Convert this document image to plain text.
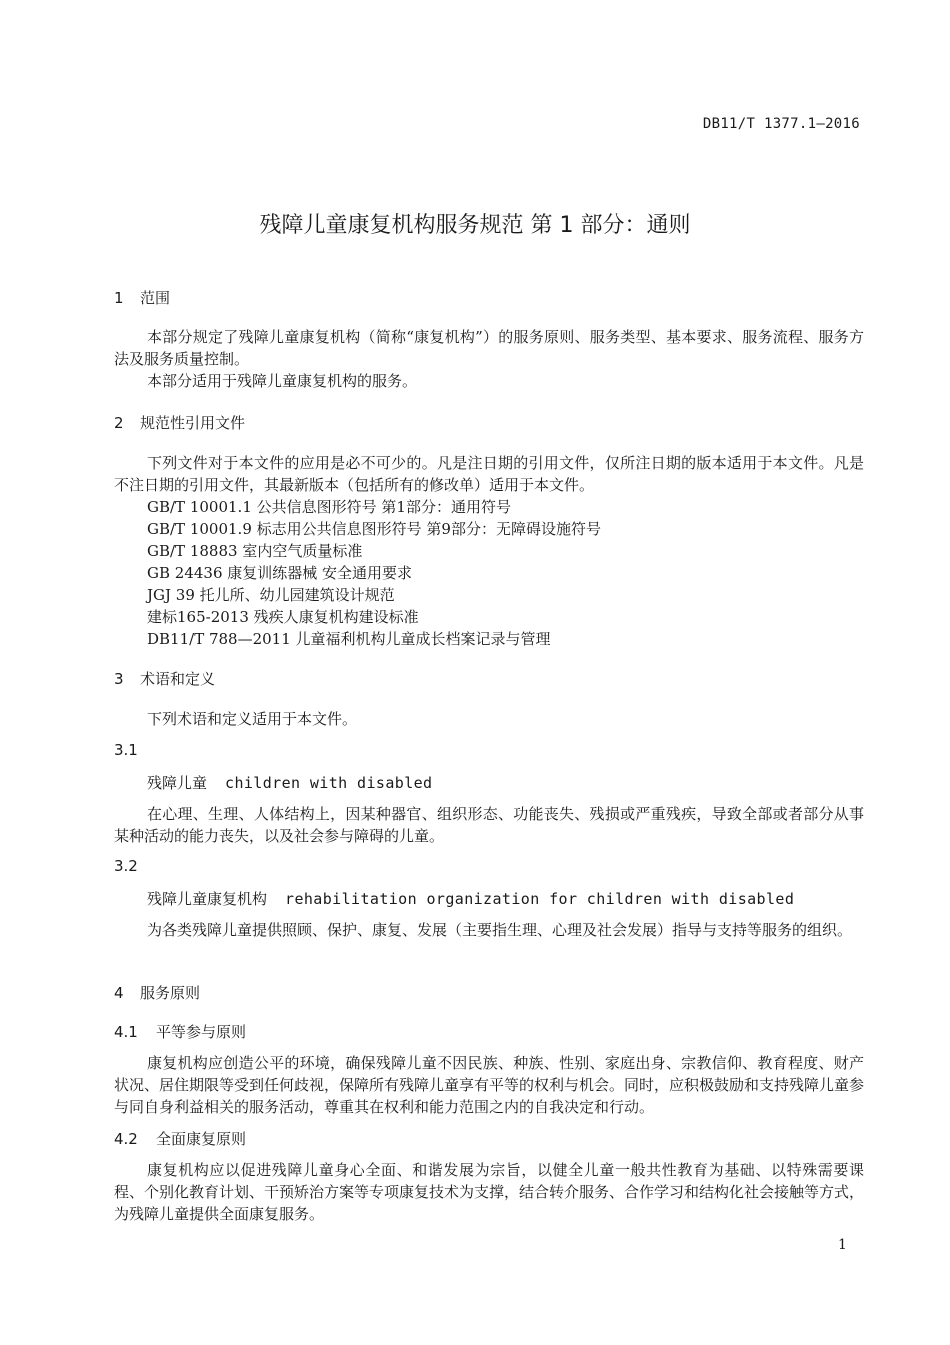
DB11/T 1377.1—2016
残障儿童康复机构服务规范 第 1 部分：通则
1 范围
本部分规定了残障儿童康复机构（简称“康复机构”）的服务原则、服务类型、基本要求、服务流程、服务方法及服务质量控制。
本部分适用于残障儿童康复机构的服务。
2 规范性引用文件
下列文件对于本文件的应用是必不可少的。凡是注日期的引用文件，仅所注日期的版本适用于本文件。凡是不注日期的引用文件，其最新版本（包括所有的修改单）适用于本文件。
GB/T 10001.1 公共信息图形符号 第1部分：通用符号
GB/T 10001.9 标志用公共信息图形符号 第9部分：无障碍设施符号
GB/T 18883 室内空气质量标准
GB 24436 康复训练器械 安全通用要求
JGJ 39 托儿所、幼儿园建筑设计规范
建标165-2013 残疾人康复机构建设标准
DB11/T 788—2011 儿童福利机构儿童成长档案记录与管理
3 术语和定义
下列术语和定义适用于本文件。
3.1
残障儿童 children with disabled
在心理、生理、人体结构上，因某种器官、组织形态、功能丧失、残损或严重残疾，导致全部或者部分从事某种活动的能力丧失，以及社会参与障碍的儿童。
3.2
残障儿童康复机构 rehabilitation organization for children with disabled
为各类残障儿童提供照顾、保护、康复、发展（主要指生理、心理及社会发展）指导与支持等服务的组织。
4 服务原则
4.1 平等参与原则
康复机构应创造公平的环境，确保残障儿童不因民族、种族、性别、家庭出身、宗教信仰、教育程度、财产状况、居住期限等受到任何歧视，保障所有残障儿童享有平等的权利与机会。同时，应积极鼓励和支持残障儿童参与同自身利益相关的服务活动，尊重其在权利和能力范围之内的自我决定和行动。
4.2 全面康复原则
康复机构应以促进残障儿童身心全面、和谐发展为宗旨，以健全儿童一般共性教育为基础、以特殊需要课程、个别化教育计划、干预矫治方案等专项康复技术为支撑，结合转介服务、合作学习和结构化社会接触等方式，为残障儿童提供全面康复服务。
1
